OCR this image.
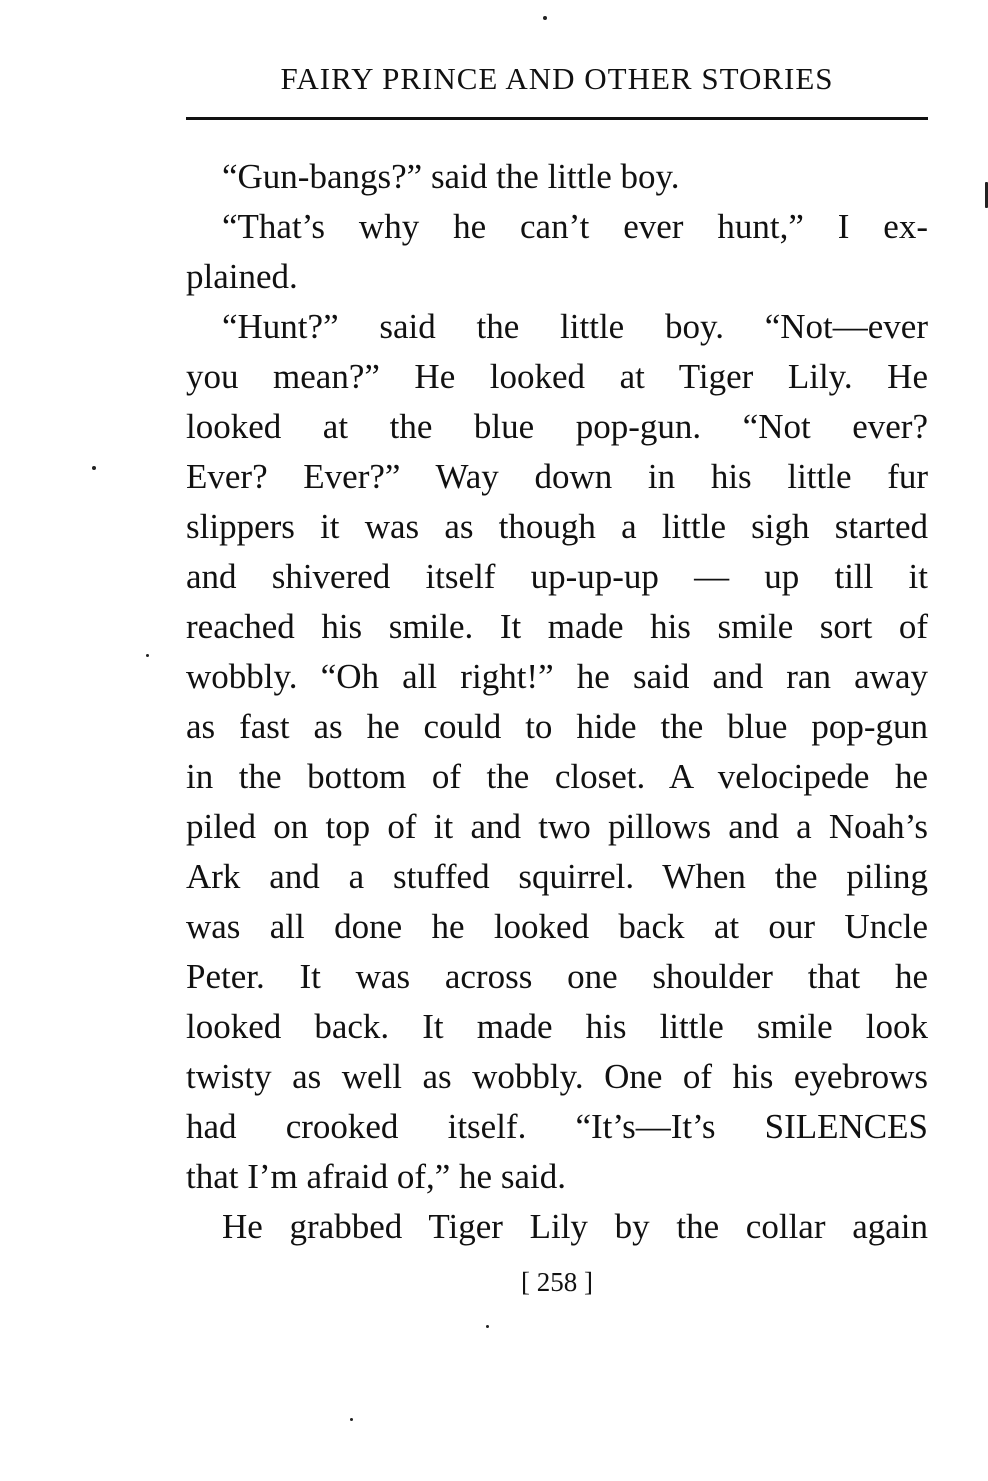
FAIRY PRINCE AND OTHER STORIES
“Gun-bangs?” said the little boy.
“That’s why he can’t ever hunt,” I ex-
plained.
“Hunt?” said the little boy. “Not—ever
you mean?” He looked at Tiger Lily. He
looked at the blue pop-gun. “Not ever?
Ever? Ever?” Way down in his little fur
slippers it was as though a little sigh started
and shivered itself up-up-up — up till it
reached his smile. It made his smile sort of
wobbly. “Oh all right!” he said and ran away
as fast as he could to hide the blue pop-gun
in the bottom of the closet. A velocipede he
piled on top of it and two pillows and a Noah’s
Ark and a stuffed squirrel. When the piling
was all done he looked back at our Uncle
Peter. It was across one shoulder that he
looked back. It made his little smile look
twisty as well as wobbly. One of his eyebrows
had crooked itself. “It’s—It’s SILENCES
that I’m afraid of,” he said.
He grabbed Tiger Lily by the collar again
[ 258 ]
